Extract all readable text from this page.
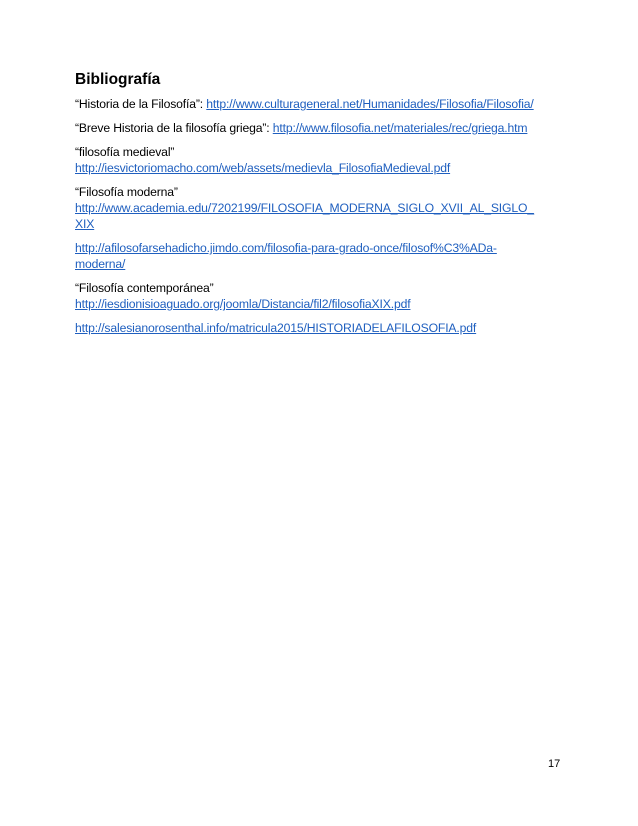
Bibliografía
“Historia de la Filosofía”: http://www.culturageneral.net/Humanidades/Filosofia/Filosofia/
“Breve Historia de la filosofía griega”: http://www.filosofia.net/materiales/rec/griega.htm
“filosofía medieval”
http://iesvictoriomacho.com/web/assets/medievla_FilosofiaMedieval.pdf
“Filosofía moderna”
http://www.academia.edu/7202199/FILOSOFIA_MODERNA_SIGLO_XVII_AL_SIGLO_
XIX
http://afilosofarsehadicho.jimdo.com/filosofia-para-grado-once/filosof%C3%ADa-
moderna/
“Filosofía contemporánea”
http://iesdionisioaguado.org/joomla/Distancia/fil2/filosofiaXIX.pdf
http://salesianorosenthal.info/matricula2015/HISTORIADELAFILOSOFIA.pdf
17
